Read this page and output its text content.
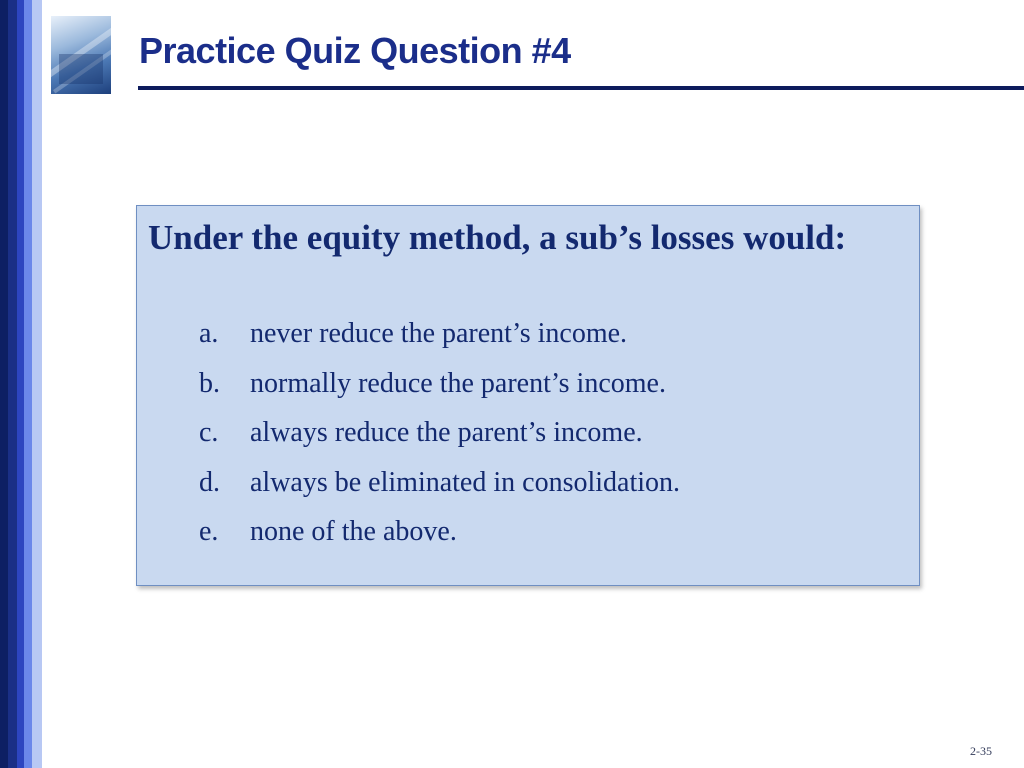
Practice Quiz Question #4
Under the equity method, a sub’s losses would:
a.	never reduce the parent’s income.
b.	normally reduce the parent’s income.
c.	always reduce the parent’s income.
d.	always be eliminated in consolidation.
e.	none of the above.
2-35
